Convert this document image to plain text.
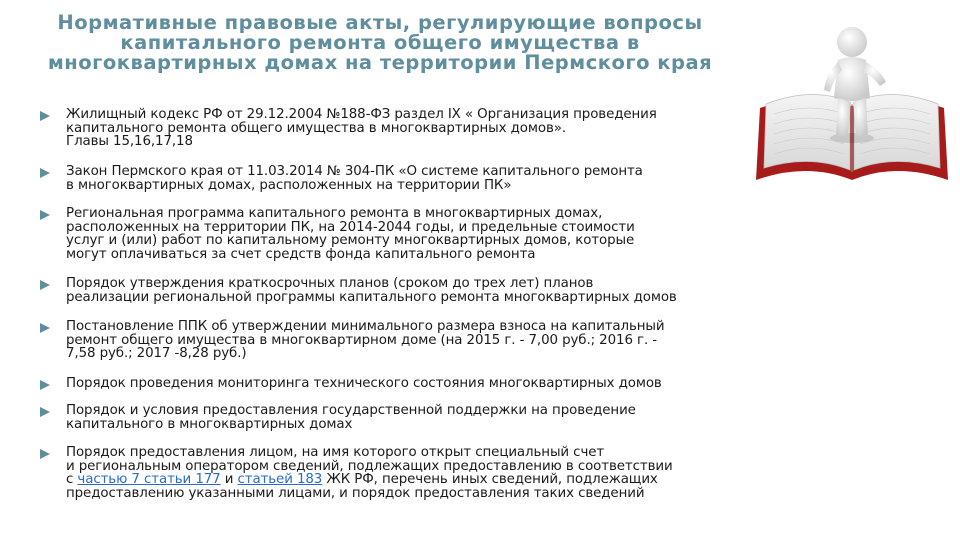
Нормативные правовые акты, регулирующие вопросы
капитального ремонта общего имущества в
многоквартирных домах на территории Пермского края
Жилищный кодекс РФ от 29.12.2004 №188-ФЗ раздел IX « Организация проведения
капитального ремонта общего имущества в многоквартирных домов».
Главы 15,16,17,18
Закон Пермского края от 11.03.2014 № 304-ПК «О системе капитального ремонта
в многоквартирных домах, расположенных на территории ПК»
Региональная программа капитального ремонта в многоквартирных домах,
расположенных на территории ПК, на 2014-2044 годы, и предельные стоимости
услуг и (или) работ по капитальному ремонту многоквартирных домов, которые
могут оплачиваться за счет средств фонда капитального ремонта
Порядок утверждения краткосрочных планов (сроком до трех лет) планов
реализации региональной программы капитального ремонта многоквартирных домов
Постановление ППК об утверждении минимального размера взноса на капитальный
ремонт общего имущества в многоквартирном доме (на 2015 г. - 7,00 руб.; 2016 г. -
7,58 руб.; 2017 -8,28 руб.)
Порядок проведения мониторинга технического состояния многоквартирных домов
Порядок и условия предоставления государственной поддержки на проведение
капитального в многоквартирных домах
Порядок предоставления лицом, на имя которого открыт специальный счет
и региональным оператором сведений, подлежащих предоставлению в соответствии
с частью 7 статьи 177 и статьей 183 ЖК РФ, перечень иных сведений, подлежащих
предоставлению указанными лицами, и порядок предоставления таких сведений
